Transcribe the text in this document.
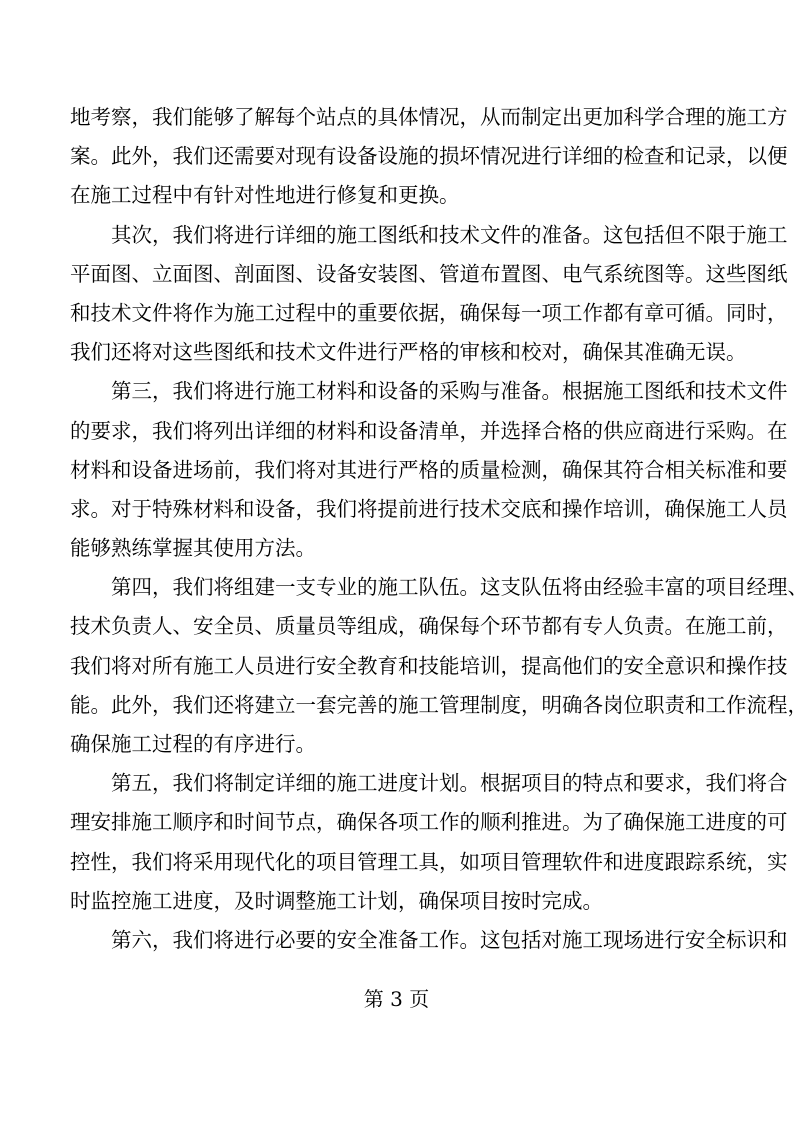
地考察，我们能够了解每个站点的具体情况，从而制定出更加科学合理的施工方
案。此外，我们还需要对现有设备设施的损坏情况进行详细的检查和记录，以便
在施工过程中有针对性地进行修复和更换。
其次，我们将进行详细的施工图纸和技术文件的准备。这包括但不限于施工
平面图、立面图、剖面图、设备安装图、管道布置图、电气系统图等。这些图纸
和技术文件将作为施工过程中的重要依据，确保每一项工作都有章可循。同时，
我们还将对这些图纸和技术文件进行严格的审核和校对，确保其准确无误。
第三，我们将进行施工材料和设备的采购与准备。根据施工图纸和技术文件
的要求，我们将列出详细的材料和设备清单，并选择合格的供应商进行采购。在
材料和设备进场前，我们将对其进行严格的质量检测，确保其符合相关标准和要
求。对于特殊材料和设备，我们将提前进行技术交底和操作培训，确保施工人员
能够熟练掌握其使用方法。
第四，我们将组建一支专业的施工队伍。这支队伍将由经验丰富的项目经理、
技术负责人、安全员、质量员等组成，确保每个环节都有专人负责。在施工前，
我们将对所有施工人员进行安全教育和技能培训，提高他们的安全意识和操作技
能。此外，我们还将建立一套完善的施工管理制度，明确各岗位职责和工作流程，
确保施工过程的有序进行。
第五，我们将制定详细的施工进度计划。根据项目的特点和要求，我们将合
理安排施工顺序和时间节点，确保各项工作的顺利推进。为了确保施工进度的可
控性，我们将采用现代化的项目管理工具，如项目管理软件和进度跟踪系统，实
时监控施工进度，及时调整施工计划，确保项目按时完成。
第六，我们将进行必要的安全准备工作。这包括对施工现场进行安全标识和
第 3 页
